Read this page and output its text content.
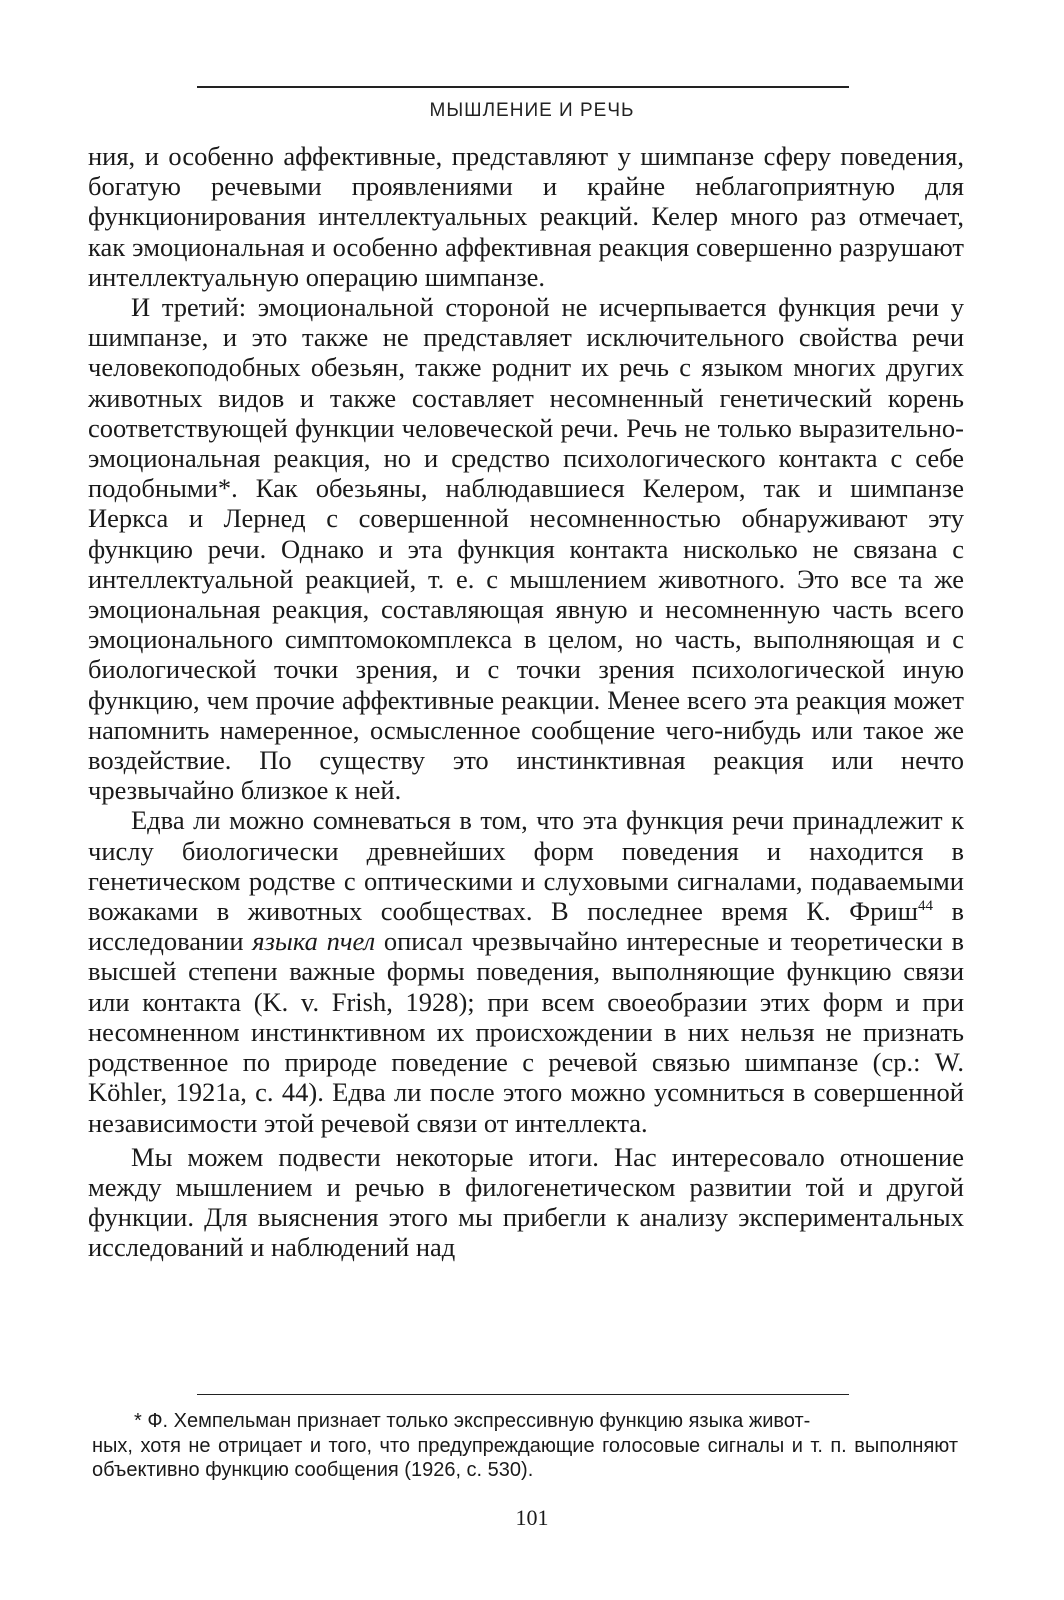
МЫШЛЕНИЕ И РЕЧЬ

ния, и особенно аффективные, представляют у шимпанзе сферу поведения, богатую речевыми проявлениями и крайне неблагоприятную для функционирования интеллектуальных реакций. Келер много раз отмечает, как эмоциональная и особенно аффективная реакция совершенно разрушают интеллектуальную операцию шимпанзе.

И третий: эмоциональной стороной не исчерпывается функция речи у шимпанзе, и это также не представляет исключительного свойства речи человекоподобных обезьян, также роднит их речь с языком многих других животных видов и также составляет несомненный генетический корень соответствующей функции человеческой речи. Речь не только выразительно-эмоциональная реакция, но и средство психологического контакта с себе подобными*. Как обезьяны, наблюдавшиеся Келером, так и шимпанзе Иеркса и Лернед с совершенной несомненностью обнаруживают эту функцию речи. Однако и эта функция контакта нисколько не связана с интеллектуальной реакцией, т. е. с мышлением животного. Это все та же эмоциональная реакция, составляющая явную и несомненную часть всего эмоционального симптомокомплекса в целом, но часть, выполняющая и с биологической точки зрения, и с точки зрения психологической иную функцию, чем прочие аффективные реакции. Менее всего эта реакция может напомнить намеренное, осмысленное сообщение чего-нибудь или такое же воздействие. По существу это инстинктивная реакция или нечто чрезвычайно близкое к ней.

Едва ли можно сомневаться в том, что эта функция речи принадлежит к числу биологически древнейших форм поведения и находится в генетическом родстве с оптическими и слуховыми сигналами, подаваемыми вожаками в животных сообществах. В последнее время К. Фриш$^{44}$ в исследовании языка пчел описал чрезвычайно интересные и теоретически в высшей степени важные формы поведения, выполняющие функцию связи или контакта (K. v. Frish, 1928); при всем своеобразии этих форм и при несомненном инстинктивном их происхождении в них нельзя не признать родственное по природе поведение с речевой связью шимпанзе (ср.: W. Köhler, 1921а, с. 44). Едва ли после этого можно усомниться в совершенной независимости этой речевой связи от интеллекта.

Мы можем подвести некоторые итоги. Нас интересовало отношение между мышлением и речью в филогенетическом развитии той и другой функции. Для выяснения этого мы прибегли к анализу экспериментальных исследований и наблюдений над

* Ф. Хемпельман признает только экспрессивную функцию языка живот-
ных, хотя не отрицает и того, что предупреждающие голосовые сигналы и т. п. выполняют объективно функцию сообщения (1926, с. 530).
101
